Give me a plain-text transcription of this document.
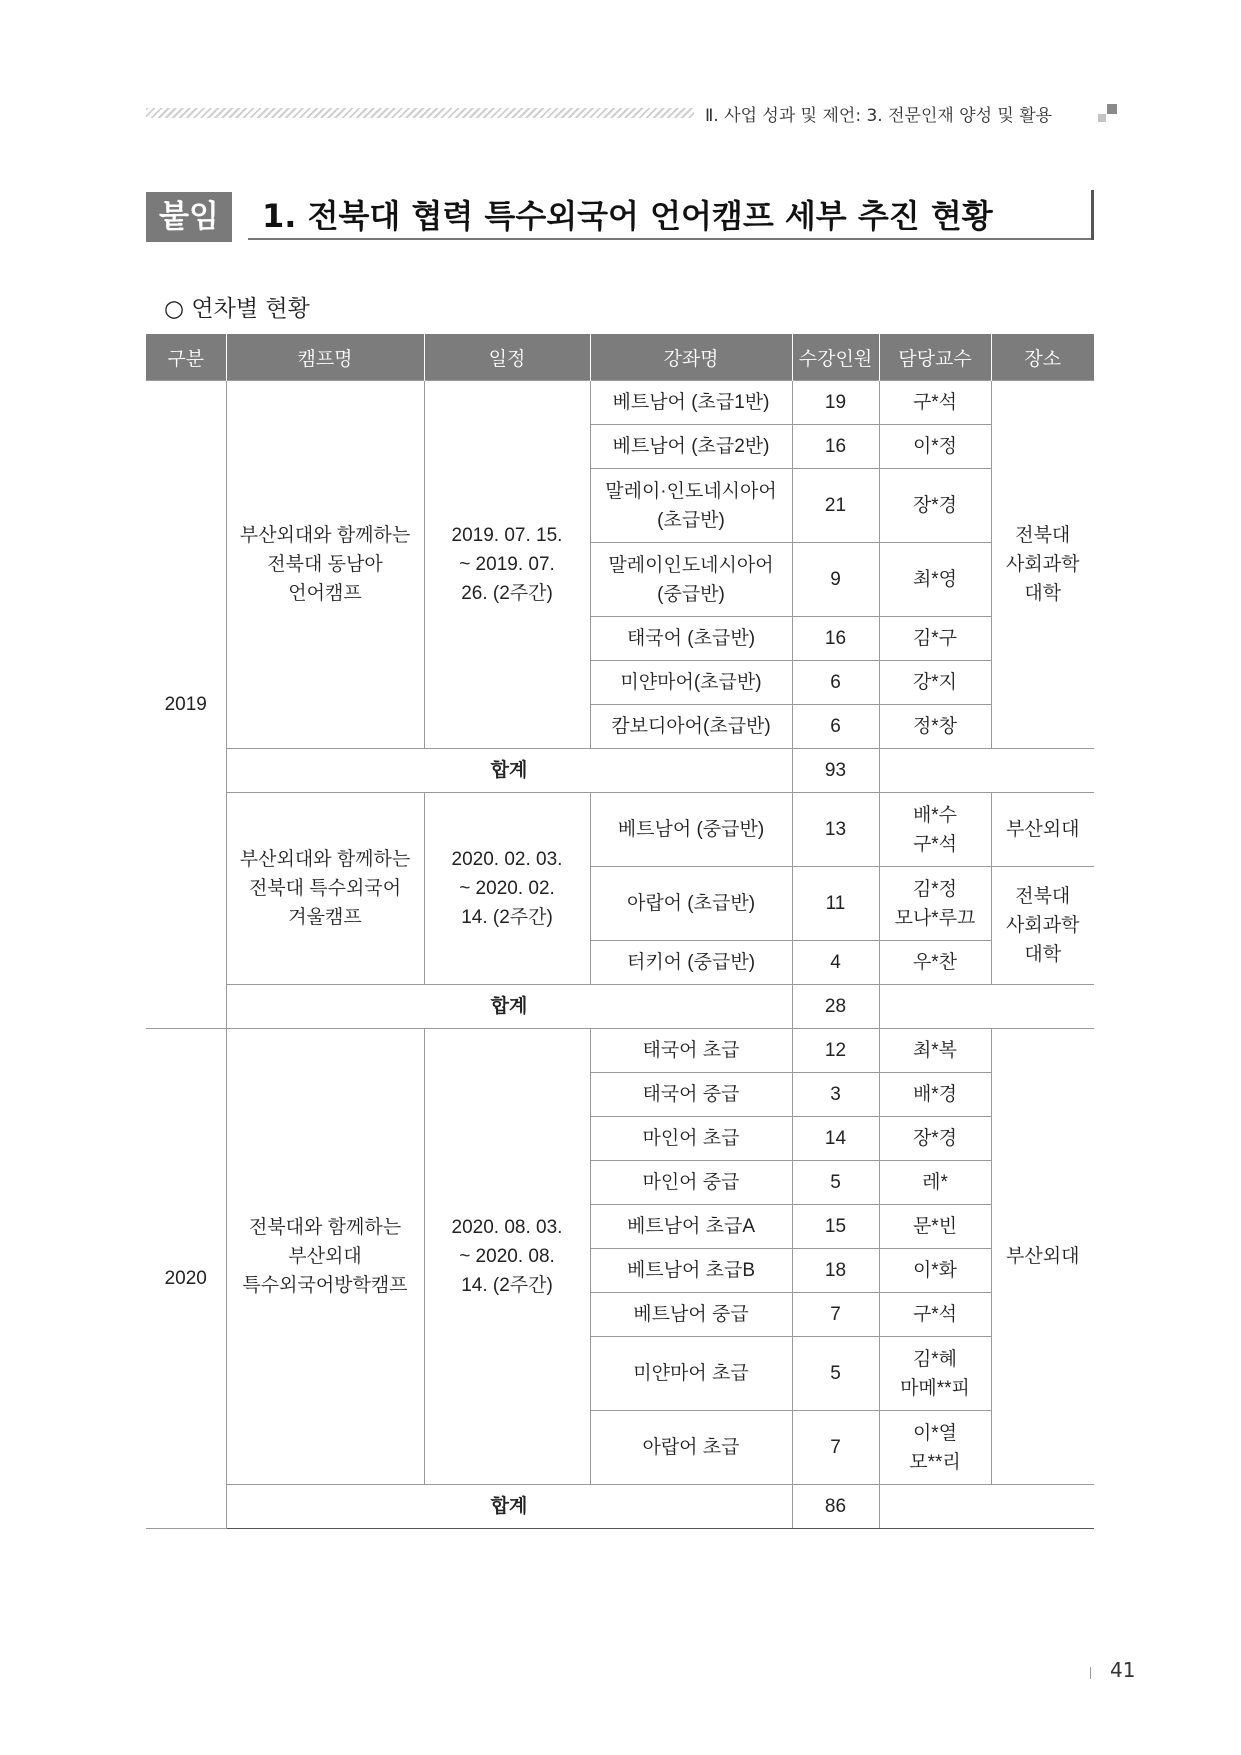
Ⅱ. 사업 성과 및 제언: 3. 전문인재 양성 및 활용
붙임	1. 전북대 협력 특수외국어 언어캠프 세부 추진 현황
○ 연차별 현황
구분	캠프명	일정	강좌명	수강인원	담당교수	장소
2019	부산외대와 함께하는
전북대 동남아
언어캠프	2019. 07. 15.
~ 2019. 07.
26. (2주간)	베트남어 (초급1반)	19	구*석	전북대
사회과학
대학
			베트남어 (초급2반)	16	이*정	
			말레이·인도네시아어
(초급반)	21	장*경	
			말레이인도네시아어
(중급반)	9	최*영	
			태국어 (초급반)	16	김*구	
			미얀마어(초급반)	6	강*지	
			캄보디아어(초급반)	6	정*창	
	합계			93		
	부산외대와 함께하는
전북대 특수외국어
겨울캠프	2020. 02. 03.
~ 2020. 02.
14. (2주간)	베트남어 (중급반)	13	배*수
구*석	부산외대
			아랍어 (초급반)	11	김*정
모나*루끄	전북대
사회과학
대학
			터키어 (중급반)	4	우*찬	
	합계			28		
2020	전북대와 함께하는
부산외대
특수외국어방학캠프	2020. 08. 03.
~ 2020. 08.
14. (2주간)	태국어 초급	12	최*복	부산외대
			태국어 중급	3	배*경	
			마인어 초급	14	장*경	
			마인어 중급	5	레*	
			베트남어 초급A	15	문*빈	
			베트남어 초급B	18	이*화	
			베트남어 중급	7	구*석	
			미얀마어 초급	5	김*혜
마메**피	
			아랍어 초급	7	이*열
모**리	
	합계			86		
41
